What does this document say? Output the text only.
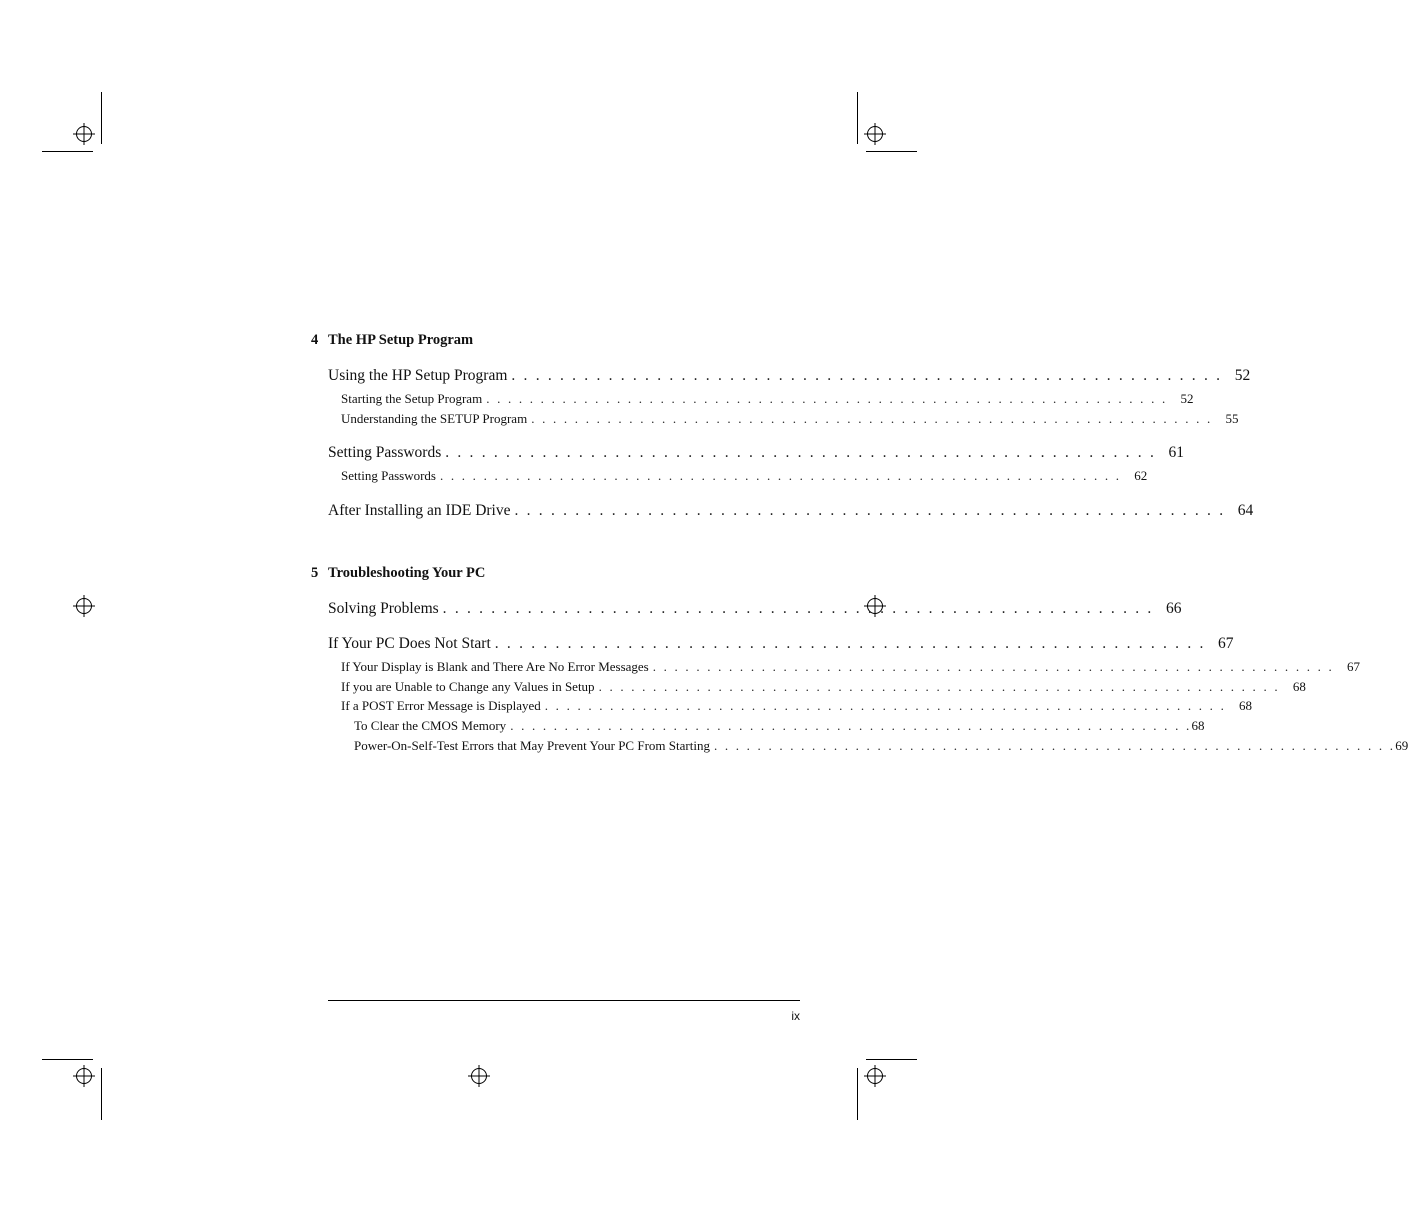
4 The HP Setup Program
Using the HP Setup Program . . . . . . . . . . . . . . . . . . . . . . . . . . . . . . . . . . . . . . . . . . . . . . . . . . . . . . . . . . . 52
Starting the Setup Program . . . . . . . . . . . . . . . . . . . . . . . . . . . . . . . . . . . . . . . . . . . . . . . . . . . . . . . . . . . . . . .	52
Understanding the SETUP Program . . . . . . . . . . . . . . . . . . . . . . . . . . . . . . . . . . . . . . . . . . . . . . . . . . . . . . . . . . . . . . .	55
Setting Passwords . . . . . . . . . . . . . . . . . . . . . . . . . . . . . . . . . . . . . . . . . . . . . . . . . . . . . . . . . . . 61
Setting Passwords . . . . . . . . . . . . . . . . . . . . . . . . . . . . . . . . . . . . . . . . . . . . . . . . . . . . . . . . . . . . . . .	62
After Installing an IDE Drive . . . . . . . . . . . . . . . . . . . . . . . . . . . . . . . . . . . . . . . . . . . . . . . . . . . . . . . . . . . 64
5 Troubleshooting Your PC
Solving Problems . . . . . . . . . . . . . . . . . . . . . . . . . . . . . . . . . . . . . . . . . . . . . . . . . . . . . . . . . . . 66
If Your PC Does Not Start . . . . . . . . . . . . . . . . . . . . . . . . . . . . . . . . . . . . . . . . . . . . . . . . . . . . . . . . . . . 67
If Your Display is Blank and There Are No Error Messages . . . . . . . . . . . . . . . . . . . . . . . . . . . . . . . . . . . . . . . . . . . . . . . . . . . . . . . . . . . . . . .	67
If you are Unable to Change any Values in Setup . . . . . . . . . . . . . . . . . . . . . . . . . . . . . . . . . . . . . . . . . . . . . . . . . . . . . . . . . . . . . . .	68
If a POST Error Message is Displayed . . . . . . . . . . . . . . . . . . . . . . . . . . . . . . . . . . . . . . . . . . . . . . . . . . . . . . . . . . . . . . .	68
To Clear the CMOS Memory . . . . . . . . . . . . . . . . . . . . . . . . . . . . . . . . . . . . . . . . . . . . . . . . . . . . . . . . . . . . . . . 68
Power-On-Self-Test Errors that May Prevent Your PC From Starting . . . . . . . . . . . . . . . . . . . . . . . . . . . . . . . . . . . . . . . . . . . . . . . . . . . . . . . . . . . . . . . 69
ix
